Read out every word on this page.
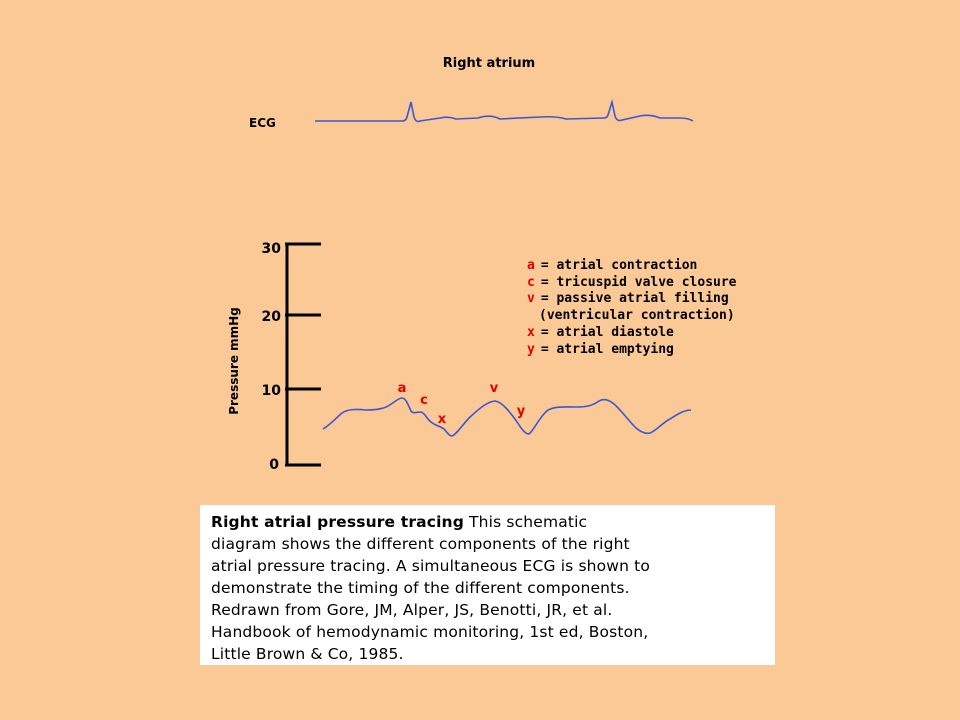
Right atrium
ECG
30
20
10
0
Pressure mmHg	a
c
x
v
y
a = atrial contraction
c = tricuspid valve closure
v = passive atrial filling
(ventricular contraction)
x = atrial diastole
y = atrial emptying
Right atrial pressure tracing This schematic
diagram shows the different components of the right
atrial pressure tracing. A simultaneous ECG is shown to
demonstrate the timing of the different components.
Redrawn from Gore, JM, Alper, JS, Benotti, JR, et al.
Handbook of hemodynamic monitoring, 1st ed, Boston,
Little Brown & Co, 1985.
